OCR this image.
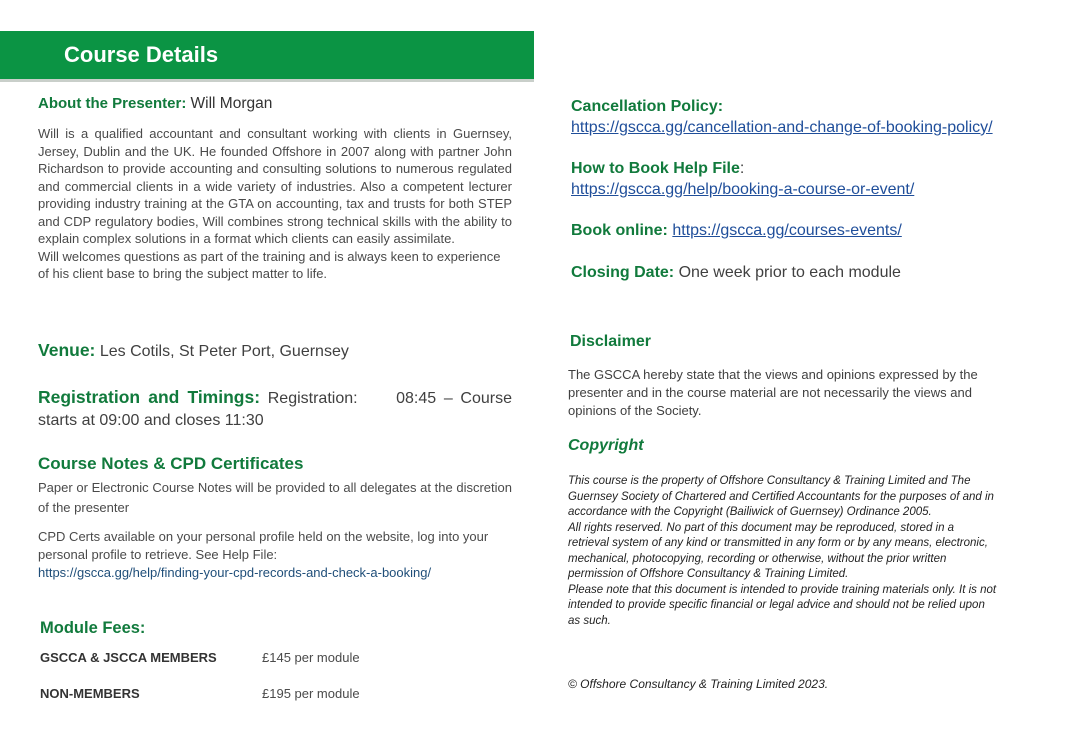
Course Details
About the Presenter: Will Morgan
Will is a qualified accountant and consultant working with clients in Guernsey, Jersey, Dublin and the UK. He founded Offshore in 2007 along with partner John Richardson to provide accounting and consulting solutions to numerous regulated and commercial clients in a wide variety of industries. Also a competent lecturer providing industry training at the GTA on accounting, tax and trusts for both STEP and CDP regulatory bodies, Will combines strong technical skills with the ability to explain complex solutions in a format which clients can easily assimilate.
Will welcomes questions as part of the training and is always keen to experience of his client base to bring the subject matter to life.
Venue: Les Cotils, St Peter Port, Guernsey
Registration and Timings: Registration:     08:45 – Course starts at 09:00 and closes 11:30
Course Notes & CPD Certificates
Paper or Electronic Course Notes will be provided to all delegates at the discretion of the presenter
CPD Certs available on your personal profile held on the website, log into your personal profile to retrieve. See Help File:
https://gscca.gg/help/finding-your-cpd-records-and-check-a-booking/
Module Fees:
GSCCA & JSCCA MEMBERS	£145 per module
NON-MEMBERS	£195 per module
Cancellation Policy:
https://gscca.gg/cancellation-and-change-of-booking-policy/
How to Book Help File:
https://gscca.gg/help/booking-a-course-or-event/
Book online: https://gscca.gg/courses-events/
Closing Date: One week prior to each module
Disclaimer
The GSCCA hereby state that the views and opinions expressed by the  presenter and in the course material are not necessarily the views and   opinions of the Society.
Copyright
This course is the property of Offshore Consultancy & Training Limited and The Guernsey Society of Chartered and Certified Accountants for the purposes of and in accordance with the Copyright (Bailiwick of Guernsey) Ordinance 2005.
All rights reserved. No part of this document may be reproduced, stored in a retrieval system of any kind or transmitted in any form or by any means, electronic, mechanical, photocopying, recording or otherwise, without the prior written permission of Offshore Consultancy & Training Limited.
Please note that this document is intended to provide training materials only. It is not intended to provide specific financial or legal advice and should not be relied upon as such.
© Offshore Consultancy & Training Limited 2023.
